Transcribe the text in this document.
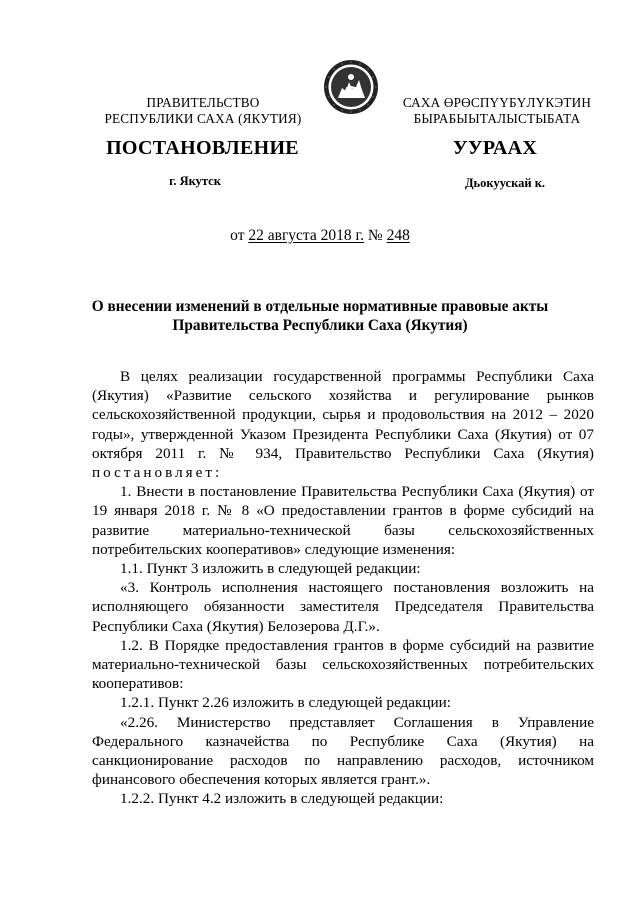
ПРАВИТЕЛЬСТВО
РЕСПУБЛИКИ САХА (ЯКУТИЯ)
САХА ӨРӨСПҮҮБҮЛҮКЭТИН
БЫРАБЫЫТАЛЫСТЫБАТА
ПОСТАНОВЛЕНИЕ	УУРААХ
г. Якутск	Дьокуускай к.
от 22 августа 2018 г. № 248
О внесении изменений в отдельные нормативные правовые акты
Правительства Республики Саха (Якутия)

В целях реализации государственной программы Республики Саха (Якутия) «Развитие сельского хозяйства и регулирование рынков сельскохозяйственной продукции, сырья и продовольствия на 2012 – 2020 годы», утвержденной Указом Президента Республики Саха (Якутия) от 07 октября 2011 г. № 934, Правительство Республики Саха (Якутия) постановляет:

1. Внести в постановление Правительства Республики Саха (Якутия) от 19 января 2018 г. № 8 «О предоставлении грантов в форме субсидий на развитие материально-технической базы сельскохозяйственных потребительских кооперативов» следующие изменения:

1.1. Пункт 3 изложить в следующей редакции:

«3. Контроль исполнения настоящего постановления возложить на исполняющего обязанности заместителя Председателя Правительства Республики Саха (Якутия) Белозерова Д.Г.».

1.2. В Порядке предоставления грантов в форме субсидий на развитие материально-технической базы сельскохозяйственных потребительских кооперативов:

1.2.1. Пункт 2.26 изложить в следующей редакции:

«2.26. Министерство представляет Соглашения в Управление Федерального казначейства по Республике Саха (Якутия) на санкционирование расходов по направлению расходов, источником финансового обеспечения которых является грант.».

1.2.2. Пункт 4.2 изложить в следующей редакции:
